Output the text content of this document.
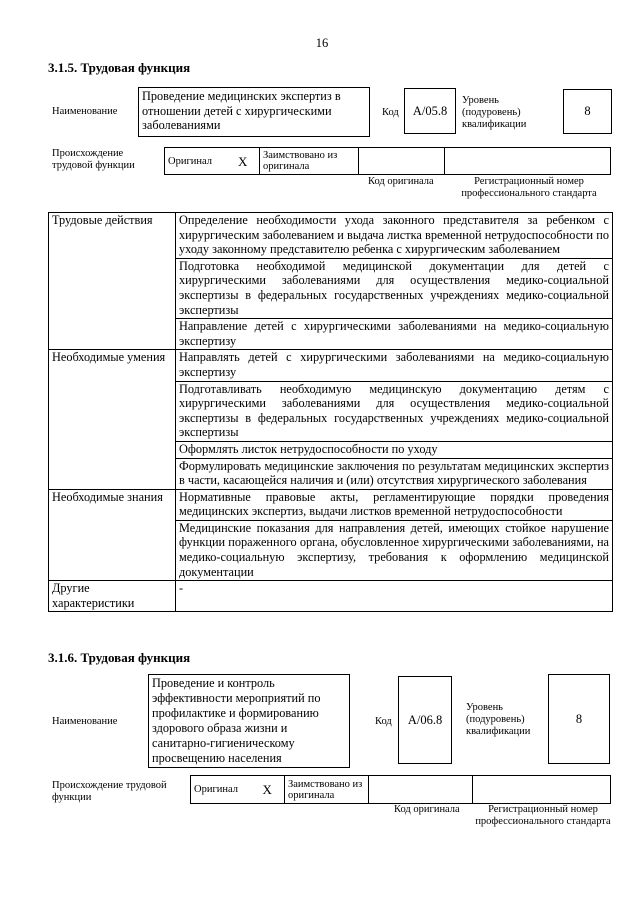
16
3.1.5. Трудовая функция
Наименование
Проведение медицинских экспертиз в отношении детей с хирургическими заболеваниями
Код А/05.8
Уровень (подуровень) квалификации
8
Происхождение трудовой функции	Оригинал	X	Заимствовано из оригинала		
Код оригинала	Регистрационный номер профессионального стандарта
Трудовые действия	Определение необходимости ухода законного представителя за ребенком с хирургическим заболеванием и выдача листка временной нетрудоспособности по уходу законному представителю ребенка с хирургическим заболеванием
	Подготовка необходимой медицинской документации для детей с хирургическими заболеваниями для осуществления медико-социальной экспертизы в федеральных государственных учреждениях медико-социальной экспертизы
	Направление детей с хирургическими заболеваниями на медико-социальную экспертизу
Необходимые умения	Направлять детей с хирургическими заболеваниями на медико-социальную экспертизу
	Подготавливать необходимую медицинскую документацию детям с хирургическими заболеваниями для осуществления медико-социальной экспертизы в федеральных государственных учреждениях медико-социальной экспертизы
	Оформлять листок нетрудоспособности по уходу
	Формулировать медицинские заключения по результатам медицинских экспертиз в части, касающейся наличия и (или) отсутствия хирургического заболевания
Необходимые знания	Нормативные правовые акты, регламентирующие порядки проведения медицинских экспертиз, выдачи листков временной нетрудоспособности
	Медицинские показания для направления детей, имеющих стойкое нарушение функции пораженного органа, обусловленное хирургическими заболеваниями, на медико-социальную экспертизу, требования к оформлению медицинской документации
Другие характеристики	-
3.1.6. Трудовая функция
Наименование
Проведение и контроль эффективности мероприятий по профилактике и формированию здорового образа жизни и санитарно-гигиеническому просвещению населения
Код А/06.8
Уровень (подуровень) квалификации
8
Происхождение трудовой функции
Оригинал	X	Заимствовано из оригинала		
Код оригинала	Регистрационный номер профессионального стандарта
